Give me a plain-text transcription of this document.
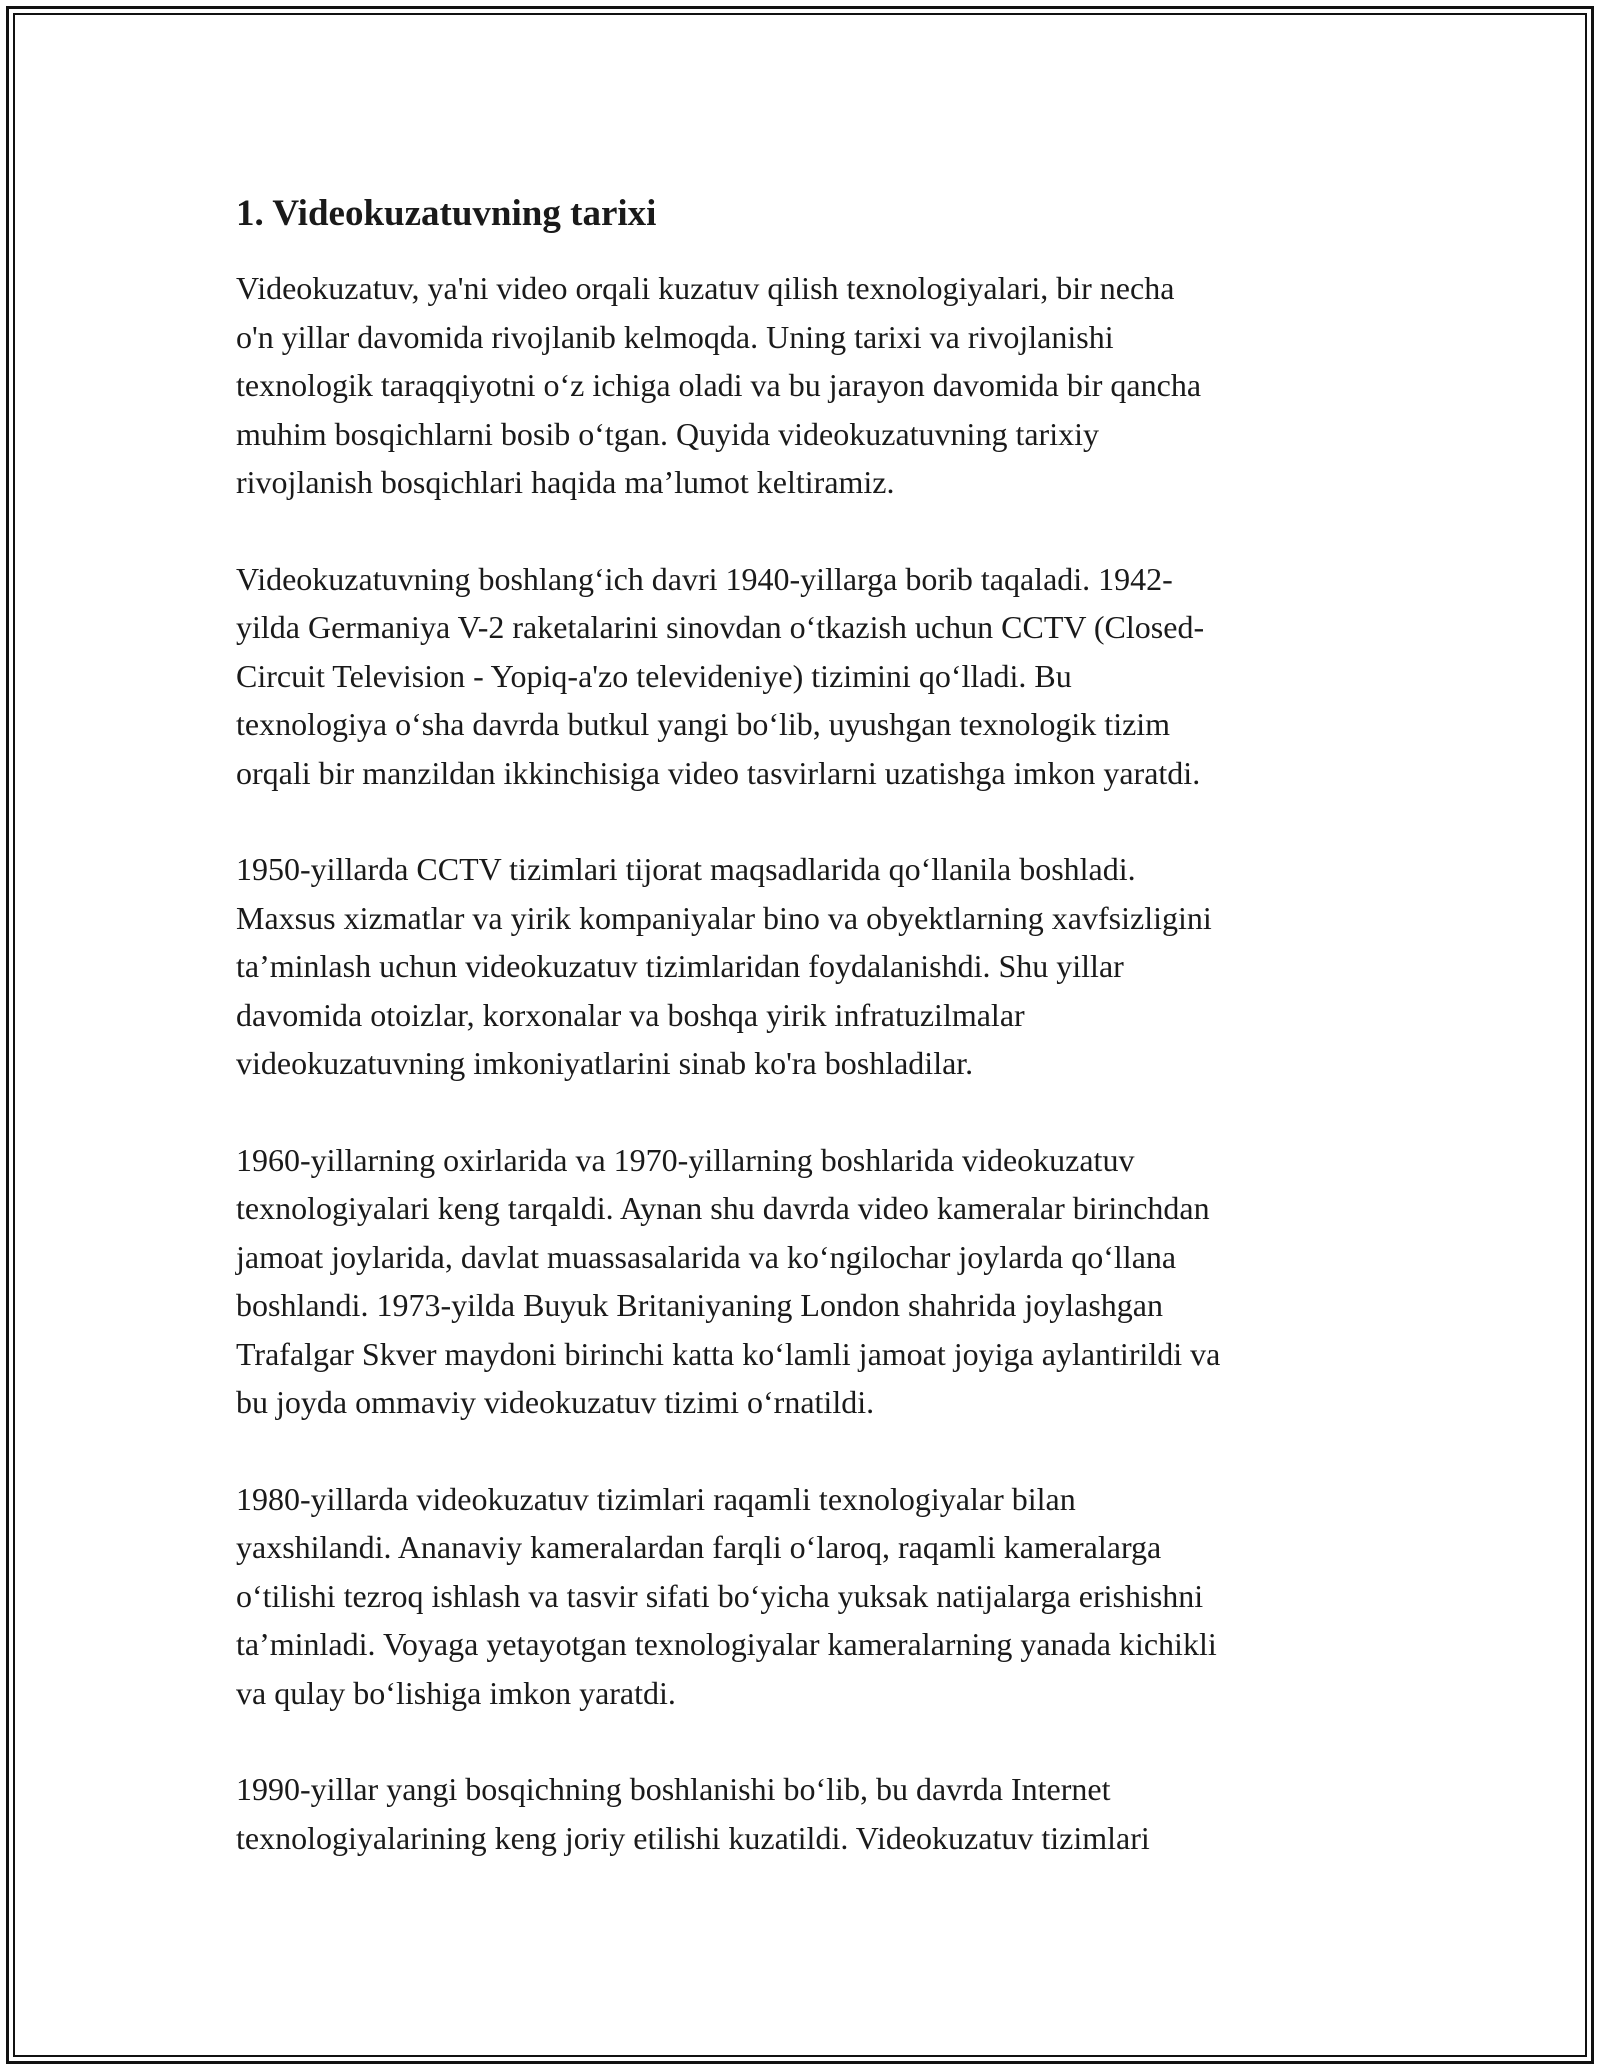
1. Videokuzatuvning tarixi

Videokuzatuv, ya'ni video orqali kuzatuv qilish texnologiyalari, bir necha
o'n yillar davomida rivojlanib kelmoqda. Uning tarixi va rivojlanishi
texnologik taraqqiyotni o‘z ichiga oladi va bu jarayon davomida bir qancha
muhim bosqichlarni bosib o‘tgan. Quyida videokuzatuvning tarixiy
rivojlanish bosqichlari haqida ma’lumot keltiramiz.

Videokuzatuvning boshlang‘ich davri 1940-yillarga borib taqaladi. 1942-
yilda Germaniya V-2 raketalarini sinovdan o‘tkazish uchun CCTV (Closed-
Circuit Television - Yopiq-a'zo televideniye) tizimini qo‘lladi. Bu
texnologiya o‘sha davrda butkul yangi bo‘lib, uyushgan texnologik tizim
orqali bir manzildan ikkinchisiga video tasvirlarni uzatishga imkon yaratdi.

1950-yillarda CCTV tizimlari tijorat maqsadlarida qo‘llanila boshladi.
Maxsus xizmatlar va yirik kompaniyalar bino va obyektlarning xavfsizligini
ta’minlash uchun videokuzatuv tizimlaridan foydalanishdi. Shu yillar
davomida otoizlar, korxonalar va boshqa yirik infratuzilmalar
videokuzatuvning imkoniyatlarini sinab ko'ra boshladilar.

1960-yillarning oxirlarida va 1970-yillarning boshlarida videokuzatuv
texnologiyalari keng tarqaldi. Aynan shu davrda video kameralar birinchdan
jamoat joylarida, davlat muassasalarida va ko‘ngilochar joylarda qo‘llana
boshlandi. 1973-yilda Buyuk Britaniyaning London shahrida joylashgan
Trafalgar Skver maydoni birinchi katta ko‘lamli jamoat joyiga aylantirildi va
bu joyda ommaviy videokuzatuv tizimi o‘rnatildi.

1980-yillarda videokuzatuv tizimlari raqamli texnologiyalar bilan
yaxshilandi. Ananaviy kameralardan farqli o‘laroq, raqamli kameralarga
o‘tilishi tezroq ishlash va tasvir sifati bo‘yicha yuksak natijalarga erishishni
ta’minladi. Voyaga yetayotgan texnologiyalar kameralarning yanada kichikli
va qulay bo‘lishiga imkon yaratdi.

1990-yillar yangi bosqichning boshlanishi bo‘lib, bu davrda Internet
texnologiyalarining keng joriy etilishi kuzatildi. Videokuzatuv tizimlari
